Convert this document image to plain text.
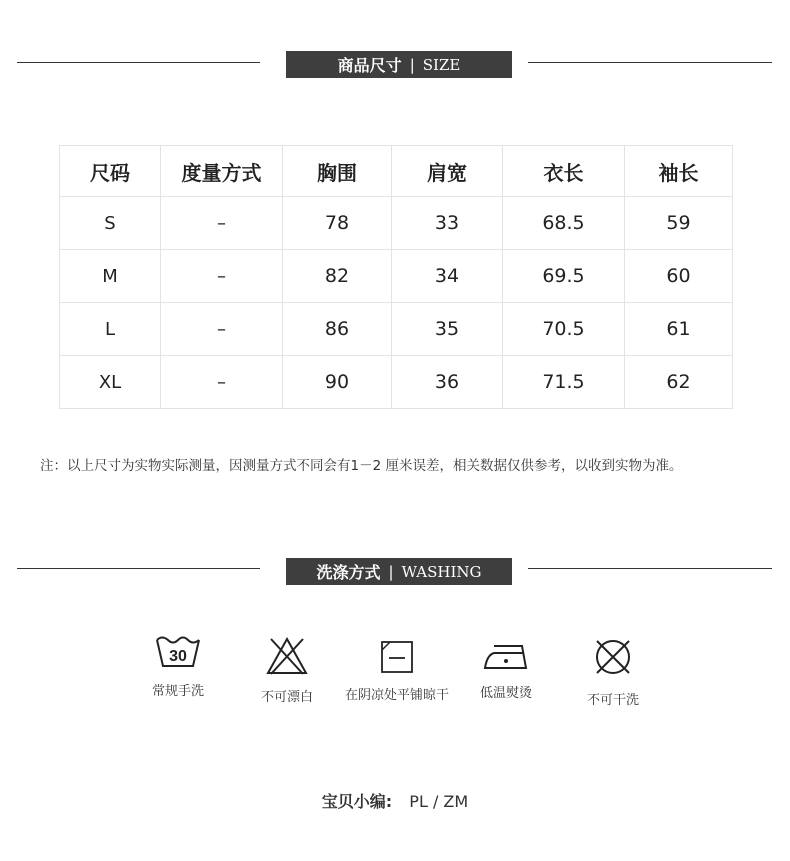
商品尺寸 | SIZE
尺码	度量方式	胸围	肩宽	衣长	袖长
S	–	78	33	68.5	59
M	–	82	34	69.5	60
L	–	86	35	70.5	61
XL	–	90	36	71.5	62
注：以上尺寸为实物实际测量，因测量方式不同会有1－2 厘米误差，相关数据仅供参考，以收到实物为准。
洗涤方式 | WASHING
30
常规手洗	不可漂白	在阴凉处平铺晾干	低温熨烫	不可干洗
宝贝小编: PL / ZM
